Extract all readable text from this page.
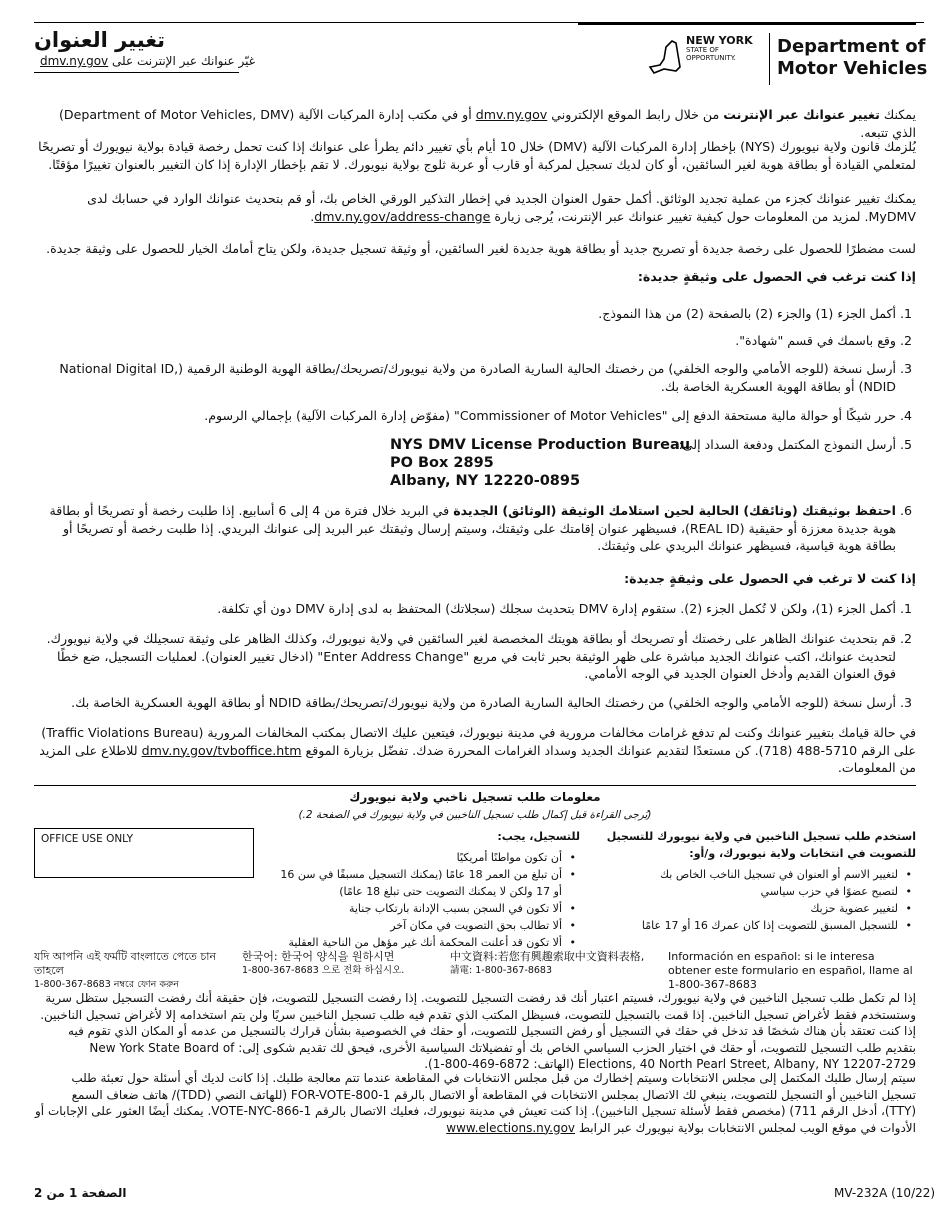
تغيير العنوان
غيّر عنوانك عبر الإنترنت على dmv.ny.gov
NEW YORK
STATE OF
OPPORTUNITY.
Department of
Motor Vehicles
يمكنك تغيير عنوانك عبر الإنترنت من خلال رابط الموقع الإلكتروني dmv.ny.gov أو في مكتب إدارة المركبات الآلية (Department of Motor Vehicles, DMV) الذي تتبعه.
يُلزمك قانون ولاية نيويورك (NYS) بإخطار إدارة المركبات الآلية (DMV) خلال 10 أيام بأي تغيير دائم يطرأ على عنوانك إذا كنت تحمل رخصة قيادة بولاية نيويورك أو تصريحًا لمتعلمي القيادة أو بطاقة هوية لغير السائقين، أو كان لديك تسجيل لمركبة أو قارب أو عربة ثلوج بولاية نيويورك. لا تقم بإخطار الإدارة إذا كان التغيير بالعنوان تغييرًا مؤقتًا.
يمكنك تغيير عنوانك كجزء من عملية تجديد الوثائق. أكمل حقول العنوان الجديد في إخطار التذكير الورقي الخاص بك، أو قم بتحديث عنوانك الوارد في حسابك لدى MyDMV. لمزيد من المعلومات حول كيفية تغيير عنوانك عبر الإنترنت، يُرجى زيارة dmv.ny.gov/address-change.
لست مضطرًا للحصول على رخصة جديدة أو تصريح جديد أو بطاقة هوية جديدة لغير السائقين، أو وثيقة تسجيل جديدة، ولكن يتاح أمامك الخيار للحصول على وثيقة جديدة.
إذا كنت ترغب في الحصول على وثيقةٍ جديدة:
1.
أكمل الجزء (1) والجزء (2) بالصفحة (2) من هذا النموذج.
2.
وقع باسمك في قسم "شهادة".
3.
أرسل نسخة (للوجه الأمامي والوجه الخلفي) من رخصتك الحالية السارية الصادرة من ولاية نيويورك/تصريحك/بطاقة الهوية الوطنية الرقمية (National Digital ID, NDID) أو بطاقة الهوية العسكرية الخاصة بك.
4.
حرر شيكًا أو حوالة مالية مستحقة الدفع إلى "Commissioner of Motor Vehicles" (مفوّض إدارة المركبات الآلية) بإجمالي الرسوم.
5.
أرسل النموذج المكتمل ودفعة السداد إلى:
NYS DMV License Production Bureau
PO Box 2895
Albany, NY 12220-0895
6.
احتفظ بوثيقتك (وثائقك) الحالية لحين استلامك الوثيقة (الوثائق) الجديدة في البريد خلال فترة من 4 إلى 6 أسابيع. إذا طلبت رخصة أو تصريحًا أو بطاقة هوية جديدة معززة أو حقيقية (REAL ID)، فسيظهر عنوان إقامتك على وثيقتك، وسيتم إرسال وثيقتك عبر البريد إلى عنوانك البريدي. إذا طلبت رخصة أو تصريحًا أو بطاقة هوية قياسية، فسيظهر عنوانك البريدي على وثيقتك.
إذا كنت لا ترغب في الحصول على وثيقةٍ جديدة:
1.
أكمل الجزء (1)، ولكن لا تُكمل الجزء (2). ستقوم إدارة DMV بتحديث سجلك (سجلاتك) المحتفظ به لدى إدارة DMV دون أي تكلفة.
2.
قم بتحديث عنوانك الظاهر على رخصتك أو تصريحك أو بطاقة هويتك المخصصة لغير السائقين في ولاية نيويورك، وكذلك الظاهر على وثيقة تسجيلك في ولاية نيويورك. لتحديث عنوانك، اكتب عنوانك الجديد مباشرة على ظهر الوثيقة بحبر ثابت في مربع "Enter Address Change" (ادخال تغيير العنوان). لعمليات التسجيل، ضع خطًا فوق العنوان القديم وأدخل العنوان الجديد في الوجه الأمامي.
3.
أرسل نسخة (للوجه الأمامي والوجه الخلفي) من رخصتك الحالية السارية الصادرة من ولاية نيويورك/تصريحك/بطاقة NDID أو بطاقة الهوية العسكرية الخاصة بك.
في حالة قيامك بتغيير عنوانك وكنت لم تدفع غرامات مخالفات مرورية في مدينة نيويورك، فيتعين عليك الاتصال بمكتب المخالفات المرورية (Traffic Violations Bureau) على الرقم 5710-488 (718). كن مستعدًا لتقديم عنوانك الجديد وسداد الغرامات المحررة ضدك. تفضّل بزيارة الموقع dmv.ny.gov/tvboffice.htm للاطلاع على المزيد من المعلومات.
معلومات طلب تسجيل ناخبي ولاية نيويورك
(يُرجى القراءة قبل إكمال طلب تسجيل الناخبين في ولاية نيويورك في الصفحة 2.)
OFFICE USE ONLY	استخدم طلب تسجيل الناخبين في ولاية نيويورك للتسجيل للتصويت في انتخابات ولاية نيويورك، و/أو:
•
لتغيير الاسم أو العنوان في تسجيل الناخب الخاص بك
•
لتصبح عضوًا في حزب سياسي
•
لتغيير عضوية حزبك
•
للتسجيل المسبق للتصويت إذا كان عمرك 16 أو 17 عامًا
للتسجيل، يجب:
•
أن تكون مواطنًا أمريكيًا
•
أن تبلغ من العمر 18 عامًا (يمكنك التسجيل مسبقًا في سن 16 أو 17 ولكن لا يمكنك التصويت حتى تبلغ 18 عامًا)
•
ألا تكون في السجن بسبب الإدانة بارتكاب جناية
•
ألا تطالب بحق التصويت في مكان آخر
•
ألا تكون قد أعلنت المحكمة أنك غير مؤهل من الناحية العقلية
Información en español: si le interesa obtener este formulario en español, llame al 1-800-367-8683
中文資料:若您有興趣索取中文資料表格,
請電: 1-800-367-8683
한국어: 한국어 양식을 원하시면
1-800-367-8683 으로 전화 하십시오.
যদি আপনি এই ফর্মটি বাংলাতে পেতে চান তাহলে
1-800-367-8683 নম্বরে ফোন করুন
إذا لم تكمل طلب تسجيل الناخبين في ولاية نيويورك، فسيتم اعتبار أنك قد رفضت التسجيل للتصويت. إذا رفضت التسجيل للتصويت، فإن حقيقة أنك رفضت التسجيل ستظل سرية وستستخدم فقط لأغراض تسجيل الناخبين. إذا قمت بالتسجيل للتصويت، فسيظل المكتب الذي تقدم فيه طلب تسجيل الناخبين سريًا ولن يتم استخدامه إلا لأغراض تسجيل الناخبين. إذا كنت تعتقد بأن هناك شخصًا قد تدخل في حقك في التسجيل أو رفض التسجيل للتصويت، أو حقك في الخصوصية بشأن قرارك بالتسجيل من عدمه أو المكان الذي تقوم فيه بتقديم طلب التسجيل للتصويت، أو حقك في اختيار الحزب السياسي الخاص بك أو تفضيلاتك السياسية الأخرى، فيحق لك تقديم شكوى إلى: New York State Board of Elections, 40 North Pearl Street, Albany, NY 12207-2729 (الهاتف: 6872-469-800-1).
سيتم إرسال طلبك المكتمل إلى مجلس الانتخابات وسيتم إخطارك من قبل مجلس الانتخابات في المقاطعة عندما تتم معالجة طلبك. إذا كانت لديك أي أسئلة حول تعبئة طلب تسجيل الناخبين أو التسجيل للتصويت، ينبغي لك الاتصال بمجلس الانتخابات في المقاطعة أو الاتصال بالرقم 1-800-FOR-VOTE (للهاتف النصي (TDD)/ هاتف ضعاف السمع (TTY)، أدخل الرقم 711) (مخصص فقط لأسئلة تسجيل الناخبين). إذا كنت تعيش في مدينة نيويورك، فعليك الاتصال بالرقم 1-866-VOTE-NYC. يمكنك أيضًا العثور على الإجابات أو الأدوات في موقع الويب لمجلس الانتخابات بولاية نيويورك عبر الرابط www.elections.ny.gov
MV-232A (10/22)
الصفحة 1 من 2
